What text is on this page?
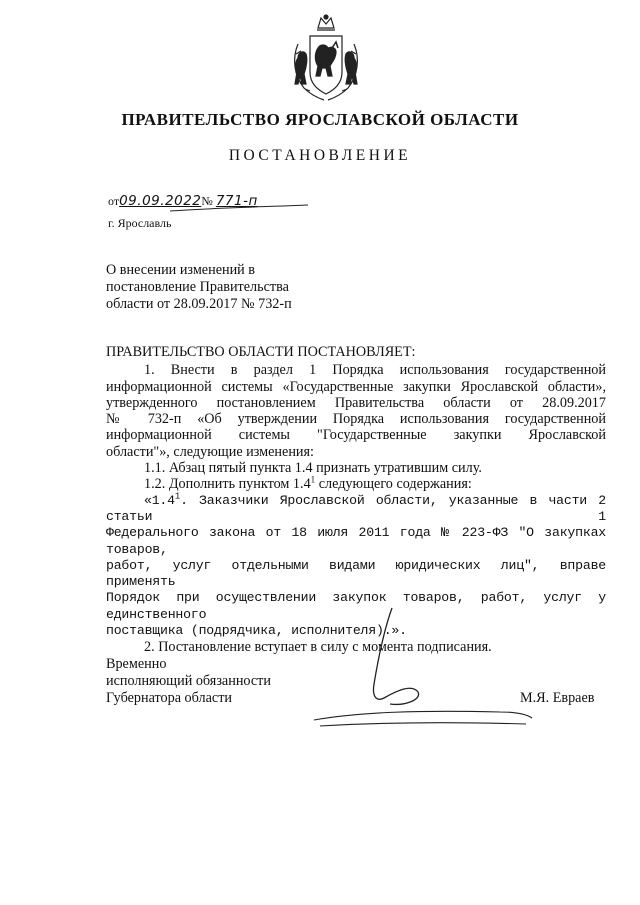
ПРАВИТЕЛЬСТВО ЯРОСЛАВСКОЙ ОБЛАСТИ
ПОСТАНОВЛЕНИЕ
от09.09.2022№ 771-п
г. Ярославль
О внесении изменений в
постановление Правительства
области от 28.09.2017 № 732-п

ПРАВИТЕЛЬСТВО ОБЛАСТИ ПОСТАНОВЛЯЕТ:

1. Внести в раздел 1 Порядка использования государственной

информационной системы «Государственные закупки Ярославской области»,

утвержденного постановлением Правительства области от 28.09.2017

№ 732-п «Об утверждении Порядка использования государственной

информационной системы "Государственные закупки Ярославской

области"», следующие изменения:

1.1. Абзац пятый пункта 1.4 признать утратившим силу.

1.2. Дополнить пунктом $1.4^1$ следующего содержания:

«$1.4^1$. Заказчики Ярославской области, указанные в части 2 статьи 1

Федерального закона от 18 июля 2011 года № 223-ФЗ "О закупках товаров,

работ, услуг отдельными видами юридических лиц", вправе применять

Порядок при осуществлении закупок товаров, работ, услуг у единственного

поставщика (подрядчика, исполнителя).».

2. Постановление вступает в силу с момента подписания.

Временно
исполняющий обязанности
Губернатора области	М.Я. Евраев
